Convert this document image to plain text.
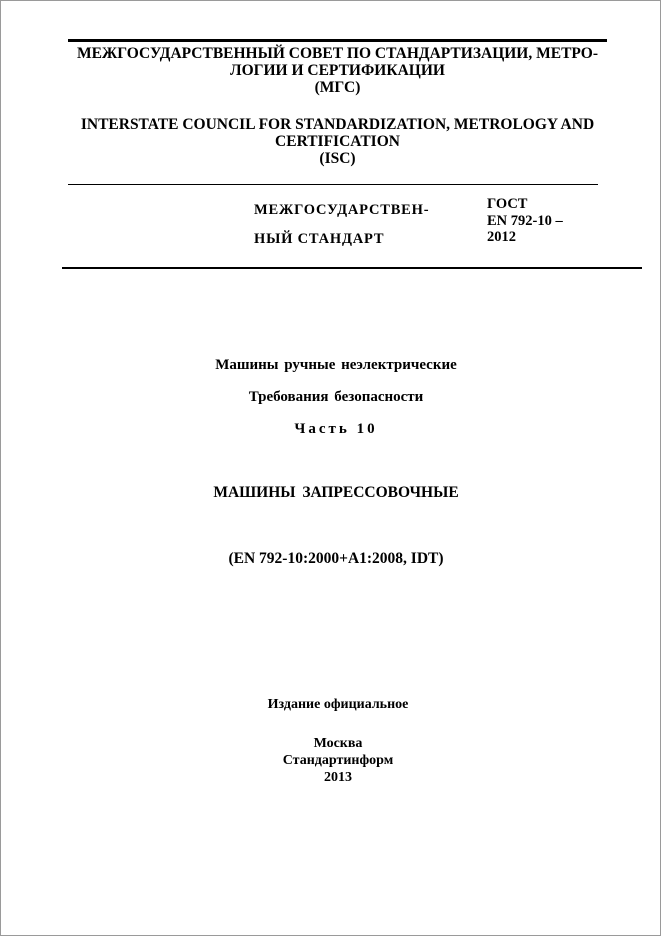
МЕЖГОСУДАРСТВЕННЫЙ СОВЕТ ПО СТАНДАРТИЗАЦИИ, МЕТРО-
ЛОГИИ И СЕРТИФИКАЦИИ
(МГС)
INTERSTATE COUNCIL FOR STANDARDIZATION, METROLOGY AND
CERTIFICATION
(ISC)
МЕЖГОСУДАРСТВЕН-
НЫЙ СТАНДАРТ
ГОСТ
EN 792-10 –
2012
Машины ручные неэлектрические
Требования безопасности
Часть 10
МАШИНЫ ЗАПРЕССОВОЧНЫЕ
(EN 792-10:2000+A1:2008, IDT)
Издание официальное
Москва
Стандартинформ
2013
